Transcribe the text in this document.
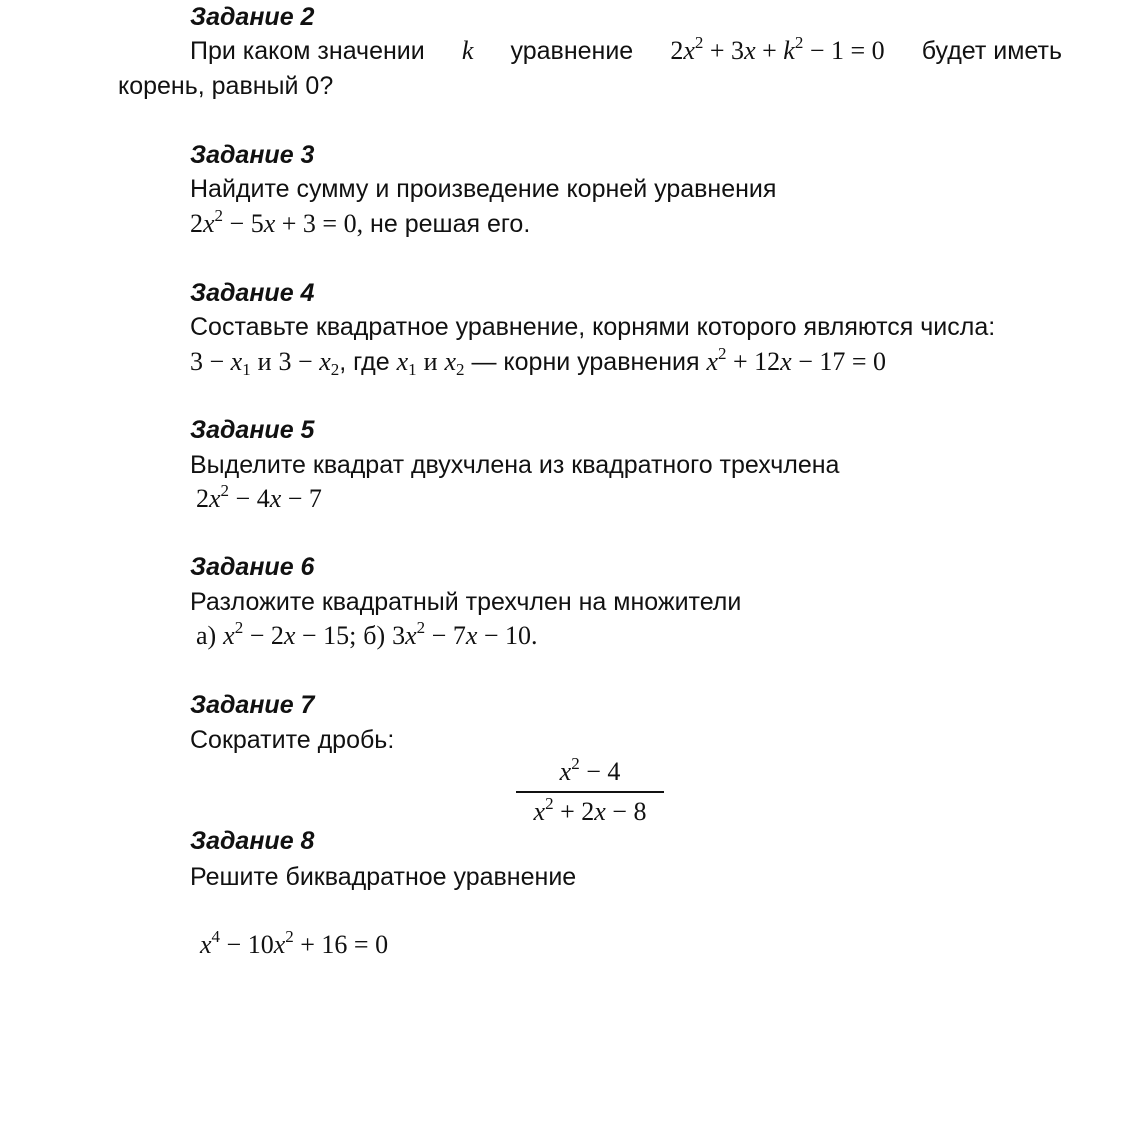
Задание 2
При каком значении k уравнение $2x^2 + 3x + k^2 - 1 = 0$ будет иметь
корень, равный 0?
Задание 3
Найдите сумму и произведение корней уравнения
$2x^2 - 5x + 3 = 0$, не решая его.
Задание 4
Составьте квадратное уравнение, корнями которого являются числа:
$3 - x_1$ и $3 - x_2$, где $x_1$ и $x_2$ — корни уравнения $x^2 + 12x - 17 = 0$
Задание 5
Выделите квадрат двухчлена из квадратного трехчлена
$2x^2 - 4x - 7$
Задание 6
Разложите квадратный трехчлен на множители
а) $x^2 - 2x - 15$; б) $3x^2 - 7x - 10$.
Задание 7
Сократите дробь:
$x^2 - 4$
$x^2 + 2x - 8$
Задание 8
Решите биквадратное уравнение
$x^4 - 10x^2 + 16 = 0$
